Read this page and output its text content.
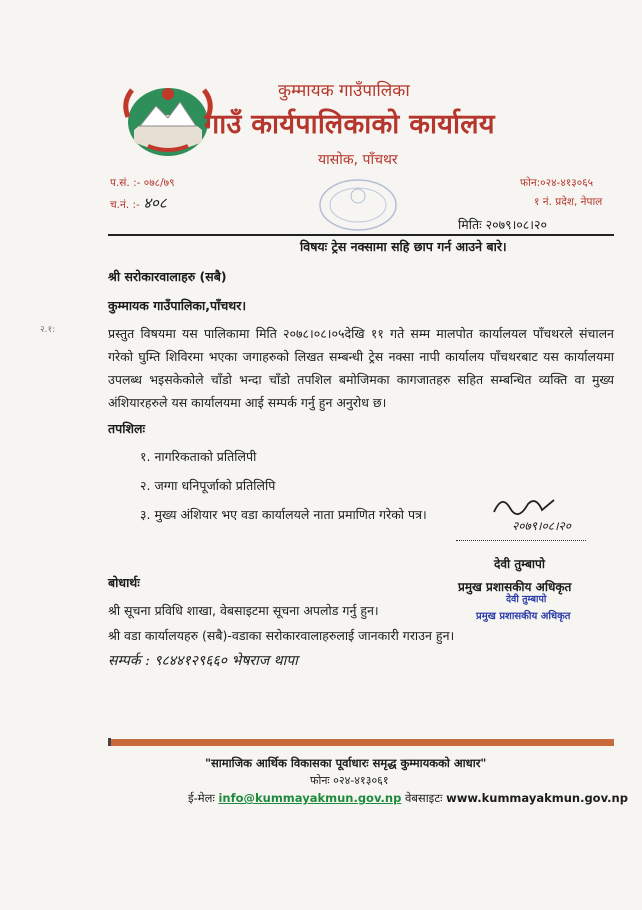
कुम्मायक गाउँपालिका
गाउँ कार्यपालिकाको कार्यालय
यासोक, पाँचथर
प.सं. :- ०७८/७९
च.नं. :- ४०८
फोन:०२४-४१३०६५
१ नं. प्रदेश, नेपाल
मितिः २०७९।०८।२०
विषयः ट्रेस नक्सामा सहि छाप गर्न आउने बारे।
श्री सरोकारवालाहरु (सबै)
कुम्मायक गाउँपालिका,पाँचथर।
२.१:	प्रस्तुत विषयमा यस पालिकामा मिति २०७८।०८।०५देखि ११ गते सम्म मालपोत कार्यालयल पाँचथरले संचालन गरेको घुम्ति शिविरमा भएका जगाहरुको लिखत सम्बन्धी ट्रेस नक्सा नापी कार्यालय पाँचथरबाट यस कार्यालयमा उपलब्ध भइसकेकोले चाँडो भन्दा चाँडो तपशिल बमोजिमका कागजातहरु सहित सम्बन्धित व्यक्ति वा मुख्य अंशियारहरुले यस कार्यालयमा आई सम्पर्क गर्नु हुन अनुरोध छ।
तपशिलः
१. नागरिकताको प्रतिलिपी
२. जग्गा धनिपूर्जाको प्रतिलिपि
३. मुख्य अंशियार भए वडा कार्यालयले नाता प्रमाणित गरेको पत्र।
२०७९।०८।२०
देवी तुम्बापो
प्रमुख प्रशासकीय अधिकृत
देवी तुम्बापो
प्रमुख प्रशासकीय अधिकृत
बोधार्थः
श्री सूचना प्रविधि शाखा, वेबसाइटमा सूचना अपलोड गर्नु हुन।
श्री वडा कार्यालयहरु (सबै)-वडाका सरोकारवालाहरुलाई जानकारी गराउन हुन।
सम्पर्क : ९८४४१२९६६० भेषराज थापा
"सामाजिक आर्थिक विकासका पूर्वाधारः समृद्ध कुम्मायकको आधार"
फोनः ०२४-४१३०६१
ई-मेलः info@kummayakmun.gov.np वेबसाइटः www.kummayakmun.gov.np
